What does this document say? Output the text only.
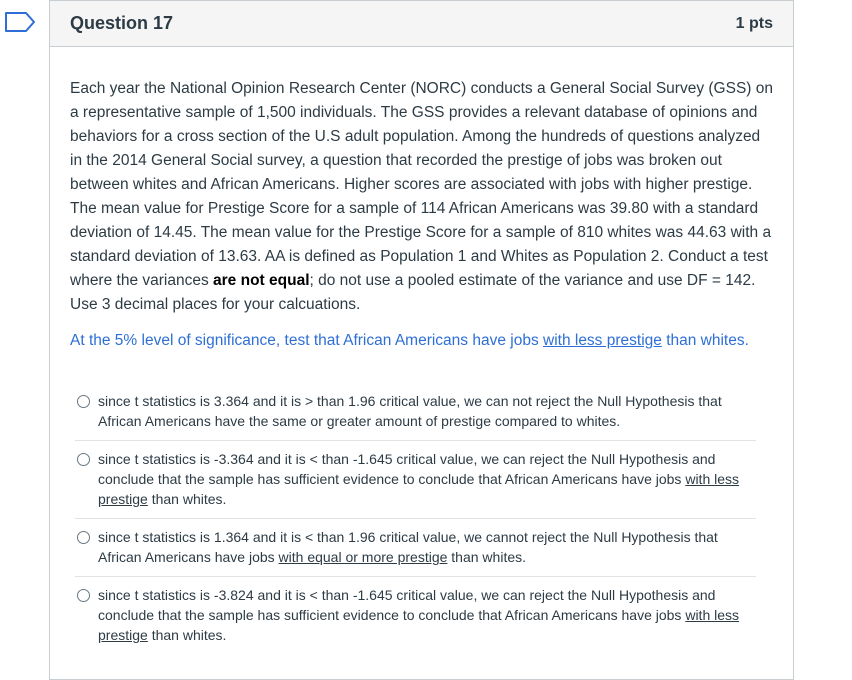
Question 17	1 pts

Each year the National Opinion Research Center (NORC) conducts a General Social Survey (GSS) on a representative sample of 1,500 individuals. The GSS provides a relevant database of opinions and behaviors for a cross section of the U.S adult population. Among the hundreds of questions analyzed in the 2014 General Social survey, a question that recorded the prestige of jobs was broken out between whites and African Americans. Higher scores are associated with jobs with higher prestige. The mean value for Prestige Score for a sample of 114 African Americans was 39.80 with a standard deviation of 14.45. The mean value for the Prestige Score for a sample of 810 whites was 44.63 with a standard deviation of 13.63. AA is defined as Population 1 and Whites as Population 2. Conduct a test where the variances are not equal; do not use a pooled estimate of the variance and use DF = 142. Use 3 decimal places for your calcuations.

At the 5% level of significance, test that African Americans have jobs with less prestige than whites.

since t statistics is 3.364 and it is > than 1.96 critical value, we can not reject the Null Hypothesis that African Americans have the same or greater amount of prestige compared to whites.
since t statistics is -3.364 and it is < than -1.645 critical value, we can reject the Null Hypothesis and conclude that the sample has sufficient evidence to conclude that African Americans have jobs with less prestige than whites.
since t statistics is 1.364 and it is < than 1.96 critical value, we cannot reject the Null Hypothesis that African Americans have jobs with equal or more prestige than whites.
since t statistics is -3.824 and it is < than -1.645 critical value, we can reject the Null Hypothesis and conclude that the sample has sufficient evidence to conclude that African Americans have jobs with less prestige than whites.
